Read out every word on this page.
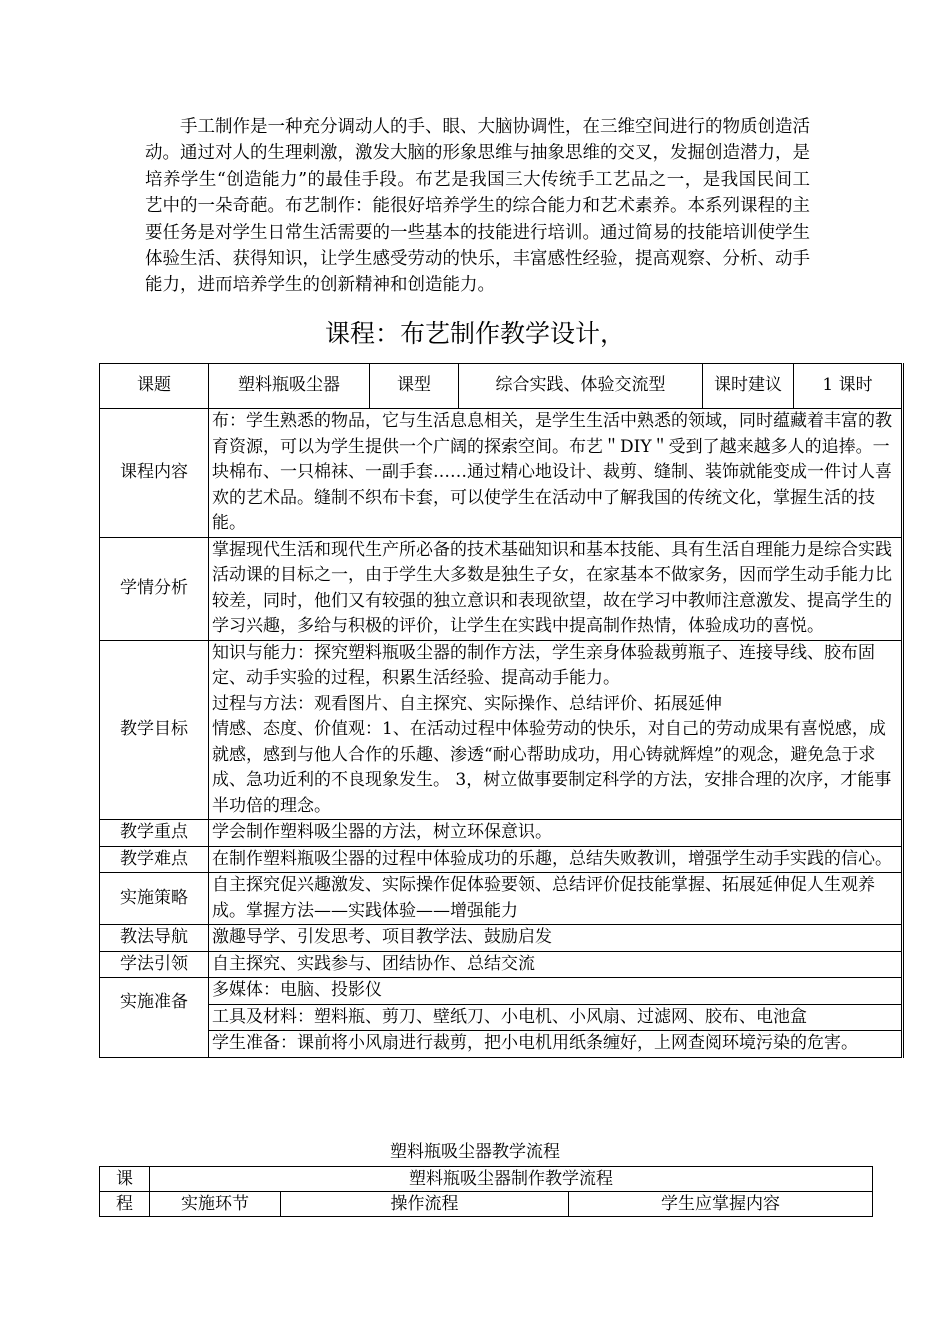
手工制作是一种充分调动人的手、眼、大脑协调性，在三维空间进行的物质创造活动。通过对人的生理刺激，激发大脑的形象思维与抽象思维的交叉，发掘创造潜力，是培养学生“创造能力”的最佳手段。布艺是我国三大传统手工艺品之一，是我国民间工艺中的一朵奇葩。布艺制作：能很好培养学生的综合能力和艺术素养。本系列课程的主要任务是对学生日常生活需要的一些基本的技能进行培训。通过简易的技能培训使学生体验生活、获得知识，让学生感受劳动的快乐，丰富感性经验，提高观察、分析、动手能力，进而培养学生的创新精神和创造能力。

课程：布艺制作教学设计，
课题	塑料瓶吸尘器	课型	综合实践、体验交流型	课时建议	1 课时
课程内容	布：学生熟悉的物品，它与生活息息相关，是学生生活中熟悉的领域，同时蕴藏着丰富的教育资源，可以为学生提供一个广阔的探索空间。布艺＂DIY＂受到了越来越多人的追捧。一块棉布、一只棉袜、一副手套……通过精心地设计、裁剪、缝制、装饰就能变成一件讨人喜欢的艺术品。缝制不织布卡套，可以使学生在活动中了解我国的传统文化，掌握生活的技能。				
学情分析	掌握现代生活和现代生产所必备的技术基础知识和基本技能、具有生活自理能力是综合实践活动课的目标之一，由于学生大多数是独生子女，在家基本不做家务，因而学生动手能力比较差，同时，他们又有较强的独立意识和表现欲望，故在学习中教师注意激发、提高学生的学习兴趣，多给与积极的评价，让学生在实践中提高制作热情，体验成功的喜悦。				
教学目标	知识与能力：探究塑料瓶吸尘器的制作方法，学生亲身体验裁剪瓶子、连接导线、胶布固定、动手实验的过程，积累生活经验、提高动手能力。
过程与方法：观看图片、自主探究、实际操作、总结评价、拓展延伸
情感、态度、价值观：1、在活动过程中体验劳动的快乐，对自己的劳动成果有喜悦感，成就感，感到与他人合作的乐趣、渗透“耐心帮助成功，用心铸就辉煌”的观念，避免急于求成、急功近利的不良现象发生。 3，树立做事要制定科学的方法，安排合理的次序，才能事半功倍的理念。				

教学重点	学会制作塑料吸尘器的方法，树立环保意识。				
教学难点	在制作塑料瓶吸尘器的过程中体验成功的乐趣，总结失败教训，增强学生动手实践的信心。				
实施策略	自主探究促兴趣激发、实际操作促体验要领、总结评价促技能掌握、拓展延伸促人生观养成。掌握方法——实践体验——增强能力				
教法导航	激趣导学、引发思考、项目教学法、鼓励启发				
学法引领	自主探究、实践参与、团结协作、总结交流				
实施准备	多媒体：电脑、投影仪
工具及材料：塑料瓶、剪刀、壁纸刀、小电机、小风扇、过滤网、胶布、电池盒
学生准备：课前将小风扇进行裁剪，把小电机用纸条缠好，上网查阅环境污染的危害。				
塑料瓶吸尘器教学流程
课	塑料瓶吸尘器制作教学流程		
程	实施环节	操作流程	学生应掌握内容
